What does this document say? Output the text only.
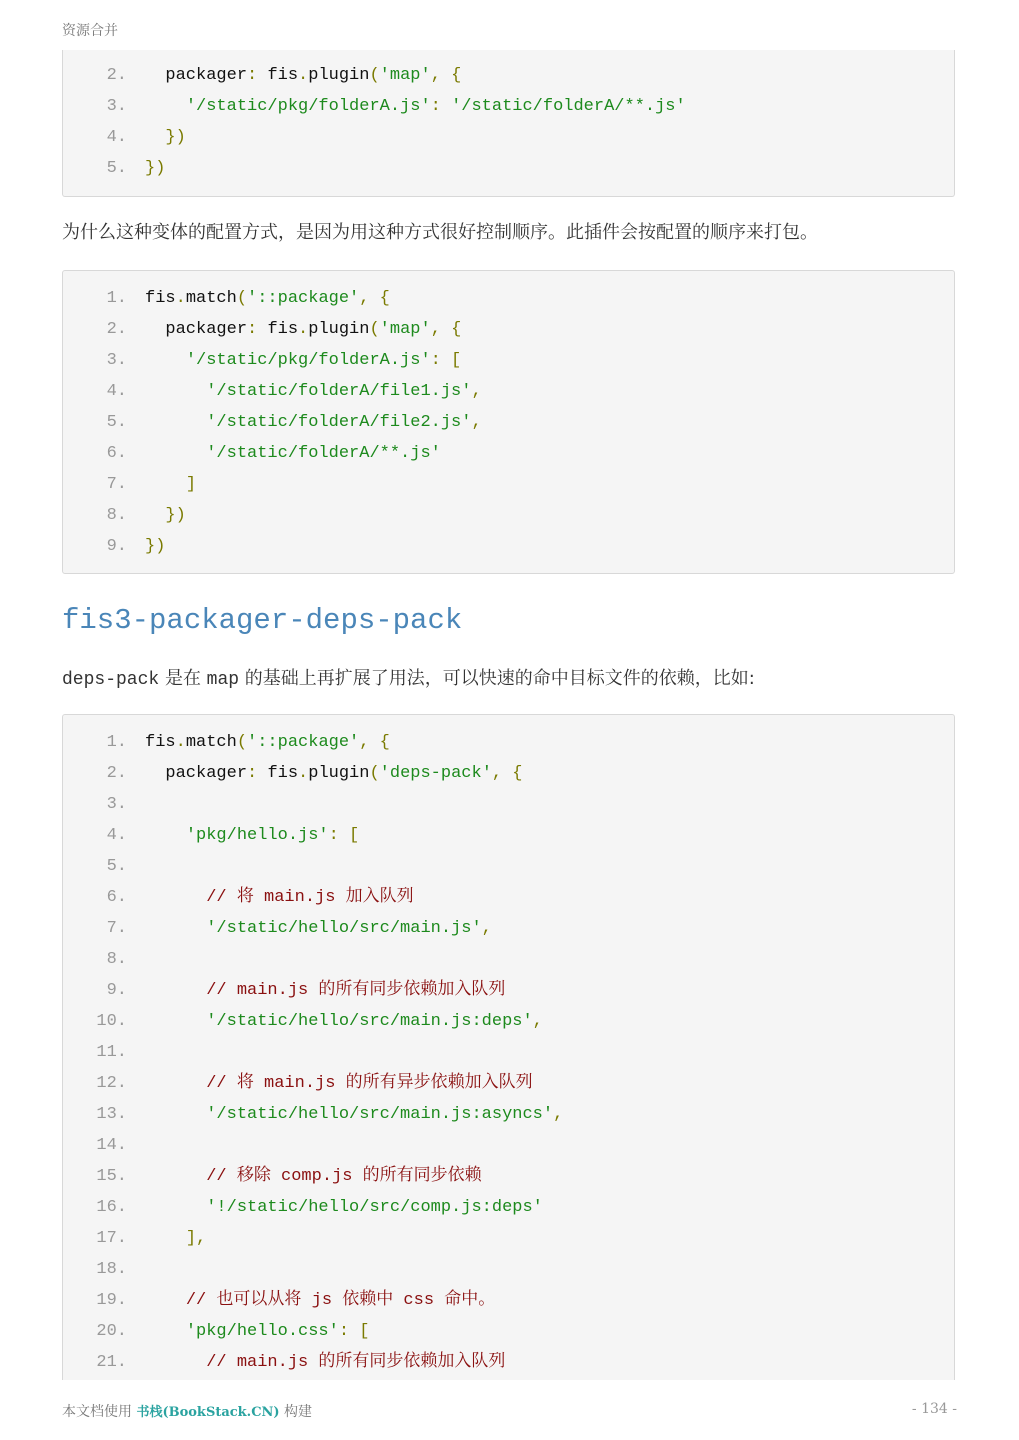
资源合并
2. packager: fis.plugin('map', {
3.	'/static/pkg/folderA.js': '/static/folderA/**.js'
4.	})
5. })
为什么这种变体的配置方式，是因为用这种方式很好控制顺序。此插件会按配置的顺序来打包。
1. fis.match('::package', {
2. packager: fis.plugin('map', {
3.	'/static/pkg/folderA.js': [
4.	'/static/folderA/file1.js',
5.	'/static/folderA/file2.js',
6.	'/static/folderA/**.js'
7.	]
8.	})
9. })
fis3-packager-deps-pack
deps-pack 是在 map 的基础上再扩展了用法，可以快速的命中目标文件的依赖，比如:
1. fis.match('::package', {
2. packager: fis.plugin('deps-pack', {
3.
4.	'pkg/hello.js': [
5.
6.	// 将 main.js 加入队列
7.	'/static/hello/src/main.js',
8.
9.	// main.js 的所有同步依赖加入队列
10.	'/static/hello/src/main.js:deps',
11.
12.	// 将 main.js 的所有异步依赖加入队列
13.	'/static/hello/src/main.js:asyncs',
14.
15.	// 移除 comp.js 的所有同步依赖
16.	'!/static/hello/src/comp.js:deps'
17.	],
18.
19.	// 也可以从将 js 依赖中 css 命中。
20.	'pkg/hello.css': [
21.	// main.js 的所有同步依赖加入队列
本文档使用 书栈(BookStack.CN) 构建	- 134 -
